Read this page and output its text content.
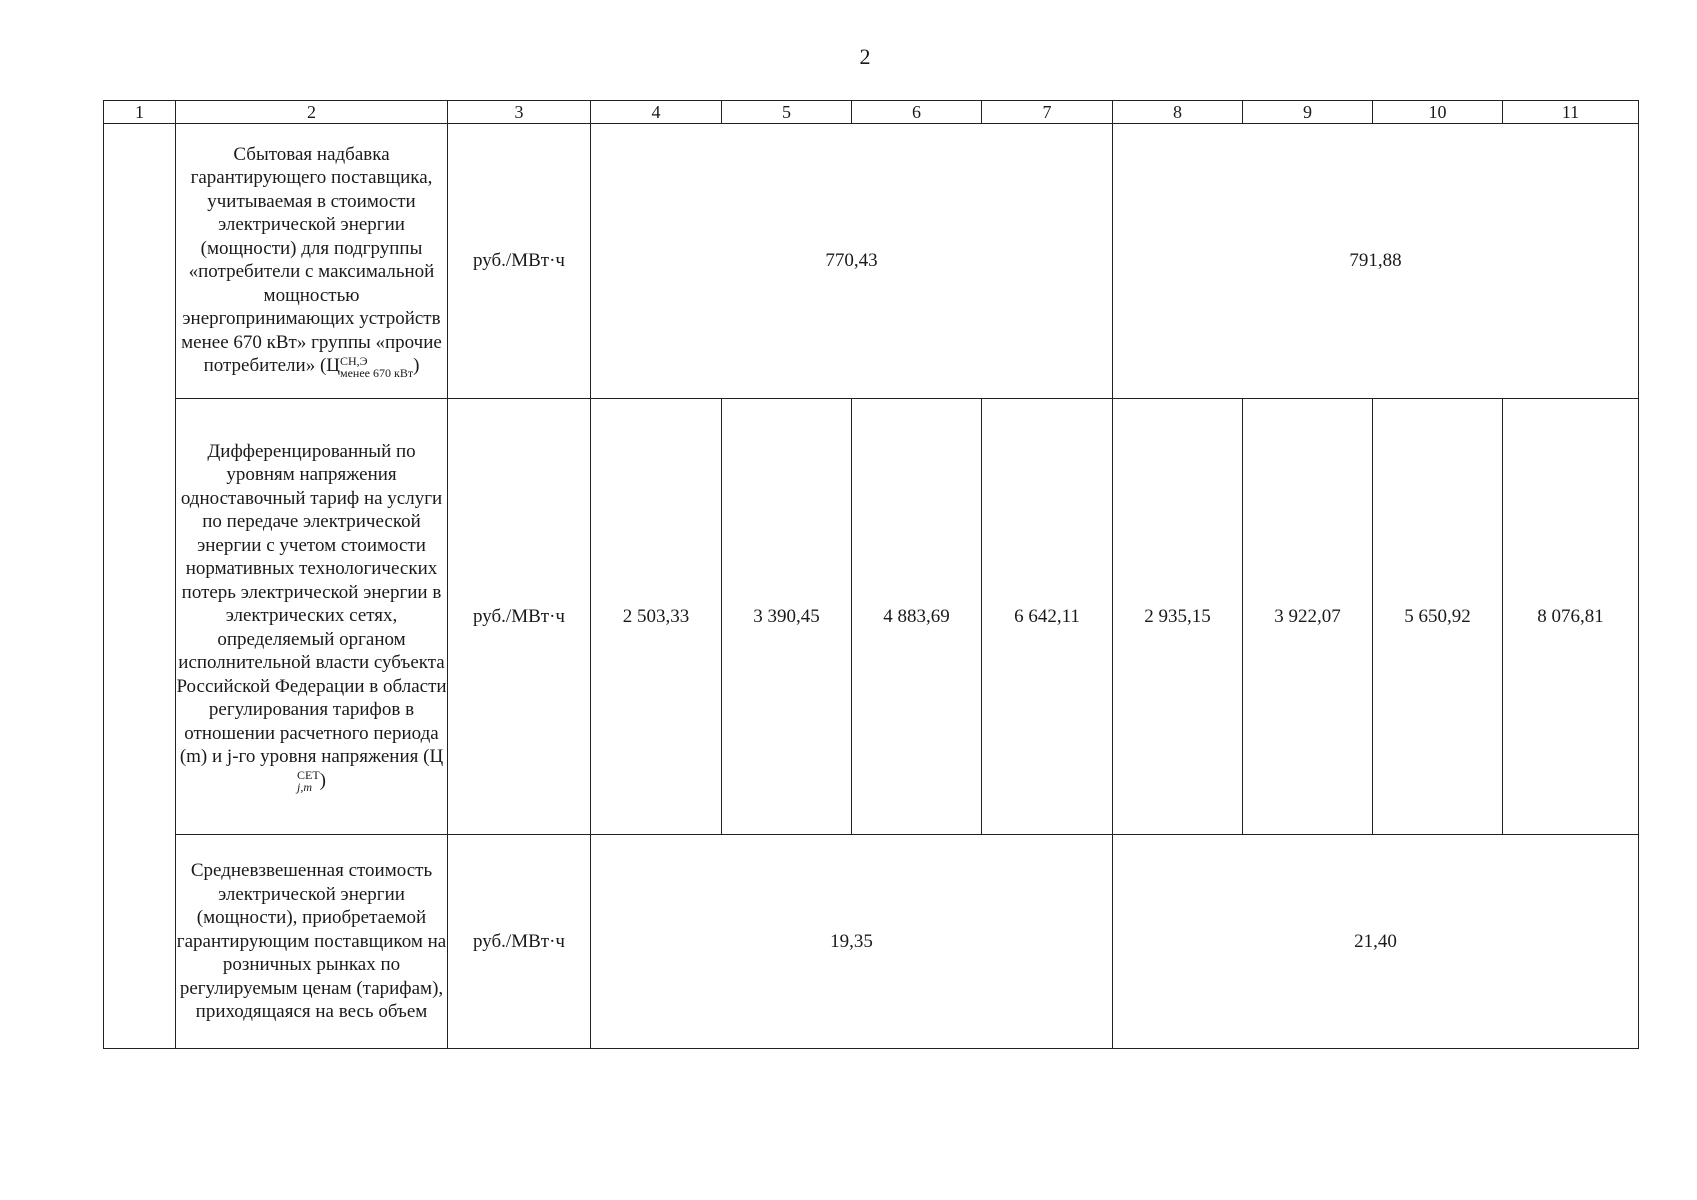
2
1	2	3	4	5	6	7	8	9	10	11
	Сбытовая надбавка гарантирующего поставщика, учитываемая в стоимости электрической энергии (мощности) для подгруппы «потребители с максимальной мощностью энергопринимающих устройств менее 670 кВт» группы «прочие потребители» (Ц СН,Э
менее 670 кВт )	руб./МВт·ч	770,43				791,88			
	Дифференцированный по уровням напряжения одноставочный тариф на услуги по передаче электрической энергии с учетом стоимости нормативных технологических потерь электрической энергии в электрических сетях, определяемый органом исполнительной власти субъекта Российской Федерации в области регулирования тарифов в отношении расчетного периода (m) и j-го уровня напряжения (Ц
СЕТ
j,m )	руб./МВт·ч	2 503,33	3 390,45	4 883,69	6 642,11	2 935,15	3 922,07	5 650,92	8 076,81

	Средневзвешенная стоимость электрической энергии (мощности), приобретаемой гарантирующим поставщиком на розничных рынках по регулируемым ценам (тарифам), приходящаяся на весь объем	руб./МВт·ч	19,35				21,40			
